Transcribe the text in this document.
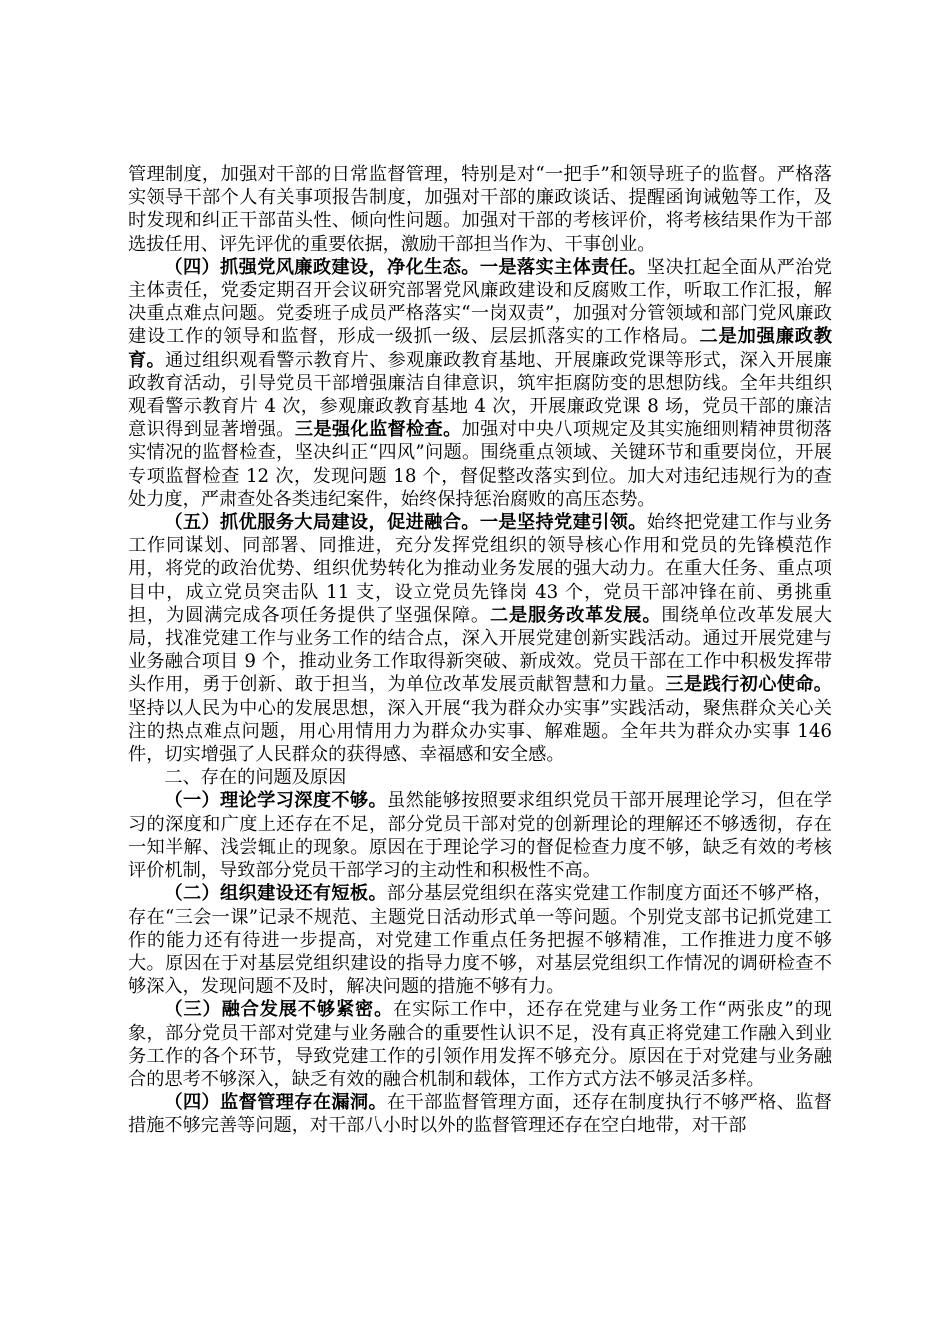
管理制度，加强对干部的日常监督管理，特别是对“一把手”和领导班子的监督。严格落实领导干部个人有关事项报告制度，加强对干部的廉政谈话、提醒函询诫勉等工作，及时发现和纠正干部苗头性、倾向性问题。加强对干部的考核评价，将考核结果作为干部选拔任用、评先评优的重要依据，激励干部担当作为、干事创业。

（四）抓强党风廉政建设，净化生态。一是落实主体责任。坚决扛起全面从严治党主体责任，党委定期召开会议研究部署党风廉政建设和反腐败工作，听取工作汇报，解决重点难点问题。党委班子成员严格落实“一岗双责”，加强对分管领域和部门党风廉政建设工作的领导和监督，形成一级抓一级、层层抓落实的工作格局。二是加强廉政教育。通过组织观看警示教育片、参观廉政教育基地、开展廉政党课等形式，深入开展廉政教育活动，引导党员干部增强廉洁自律意识，筑牢拒腐防变的思想防线。全年共组织观看警示教育片 4 次，参观廉政教育基地 4 次，开展廉政党课 8 场，党员干部的廉洁意识得到显著增强。三是强化监督检查。加强对中央八项规定及其实施细则精神贯彻落实情况的监督检查，坚决纠正“四风”问题。围绕重点领域、关键环节和重要岗位，开展专项监督检查 12 次，发现问题 18 个，督促整改落实到位。加大对违纪违规行为的查处力度，严肃查处各类违纪案件，始终保持惩治腐败的高压态势。

（五）抓优服务大局建设，促进融合。一是坚持党建引领。始终把党建工作与业务工作同谋划、同部署、同推进，充分发挥党组织的领导核心作用和党员的先锋模范作用，将党的政治优势、组织优势转化为推动业务发展的强大动力。在重大任务、重点项目中，成立党员突击队 11 支，设立党员先锋岗 43 个，党员干部冲锋在前、勇挑重担，为圆满完成各项任务提供了坚强保障。二是服务改革发展。围绕单位改革发展大局，找准党建工作与业务工作的结合点，深入开展党建创新实践活动。通过开展党建与业务融合项目 9 个，推动业务工作取得新突破、新成效。党员干部在工作中积极发挥带头作用，勇于创新、敢于担当，为单位改革发展贡献智慧和力量。三是践行初心使命。坚持以人民为中心的发展思想，深入开展“我为群众办实事”实践活动，聚焦群众关心关注的热点难点问题，用心用情用力为群众办实事、解难题。全年共为群众办实事 146 件，切实增强了人民群众的获得感、幸福感和安全感。

二、存在的问题及原因

（一）理论学习深度不够。虽然能够按照要求组织党员干部开展理论学习，但在学习的深度和广度上还存在不足，部分党员干部对党的创新理论的理解还不够透彻，存在一知半解、浅尝辄止的现象。原因在于理论学习的督促检查力度不够，缺乏有效的考核评价机制，导致部分党员干部学习的主动性和积极性不高。

（二）组织建设还有短板。部分基层党组织在落实党建工作制度方面还不够严格，存在“三会一课”记录不规范、主题党日活动形式单一等问题。个别党支部书记抓党建工作的能力还有待进一步提高，对党建工作重点任务把握不够精准，工作推进力度不够大。原因在于对基层党组织建设的指导力度不够，对基层党组织工作情况的调研检查不够深入，发现问题不及时，解决问题的措施不够有力。

（三）融合发展不够紧密。在实际工作中，还存在党建与业务工作“两张皮”的现象，部分党员干部对党建与业务融合的重要性认识不足，没有真正将党建工作融入到业务工作的各个环节，导致党建工作的引领作用发挥不够充分。原因在于对党建与业务融合的思考不够深入，缺乏有效的融合机制和载体，工作方式方法不够灵活多样。

（四）监督管理存在漏洞。在干部监督管理方面，还存在制度执行不够严格、监督措施不够完善等问题，对干部八小时以外的监督管理还存在空白地带，对干部
